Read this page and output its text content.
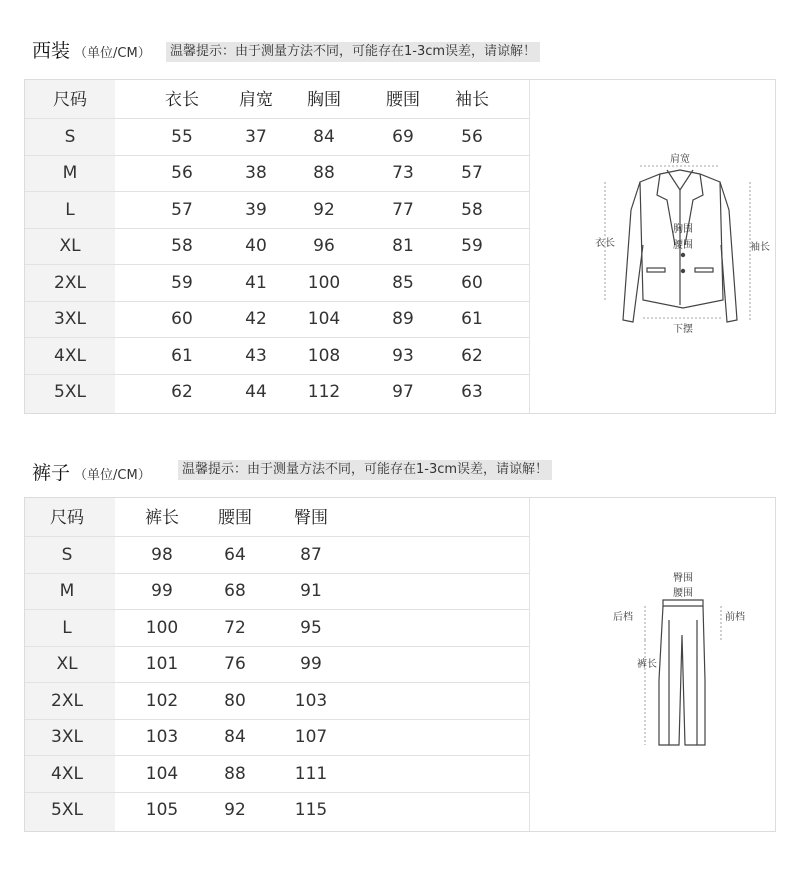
西装 （单位/CM）	温馨提示：由于测量方法不同，可能存在1-3cm误差，请谅解！
尺码	衣长	肩宽	胸围	腰围	袖长
S	55	37	84	69	56
M	56	38	88	73	57
L	57	39	92	77	58
XL	58	40	96	81	59
2XL	59	41	100	85	60
3XL	60	42	104	89	61
4XL	61	43	108	93	62
5XL	62	44	112	97	63
肩宽
胸围
腰围
衣长	袖长
下摆
裤子 （单位/CM）	温馨提示：由于测量方法不同，可能存在1-3cm误差，请谅解！
尺码	裤长	腰围	臀围
S	98	64	87
M	99	68	91
L	100	72	95
XL	101	76	99
2XL	102	80	103
3XL	103	84	107
4XL	104	88	111
5XL	105	92	115
臀围
腰围
后档	前档
裤长
